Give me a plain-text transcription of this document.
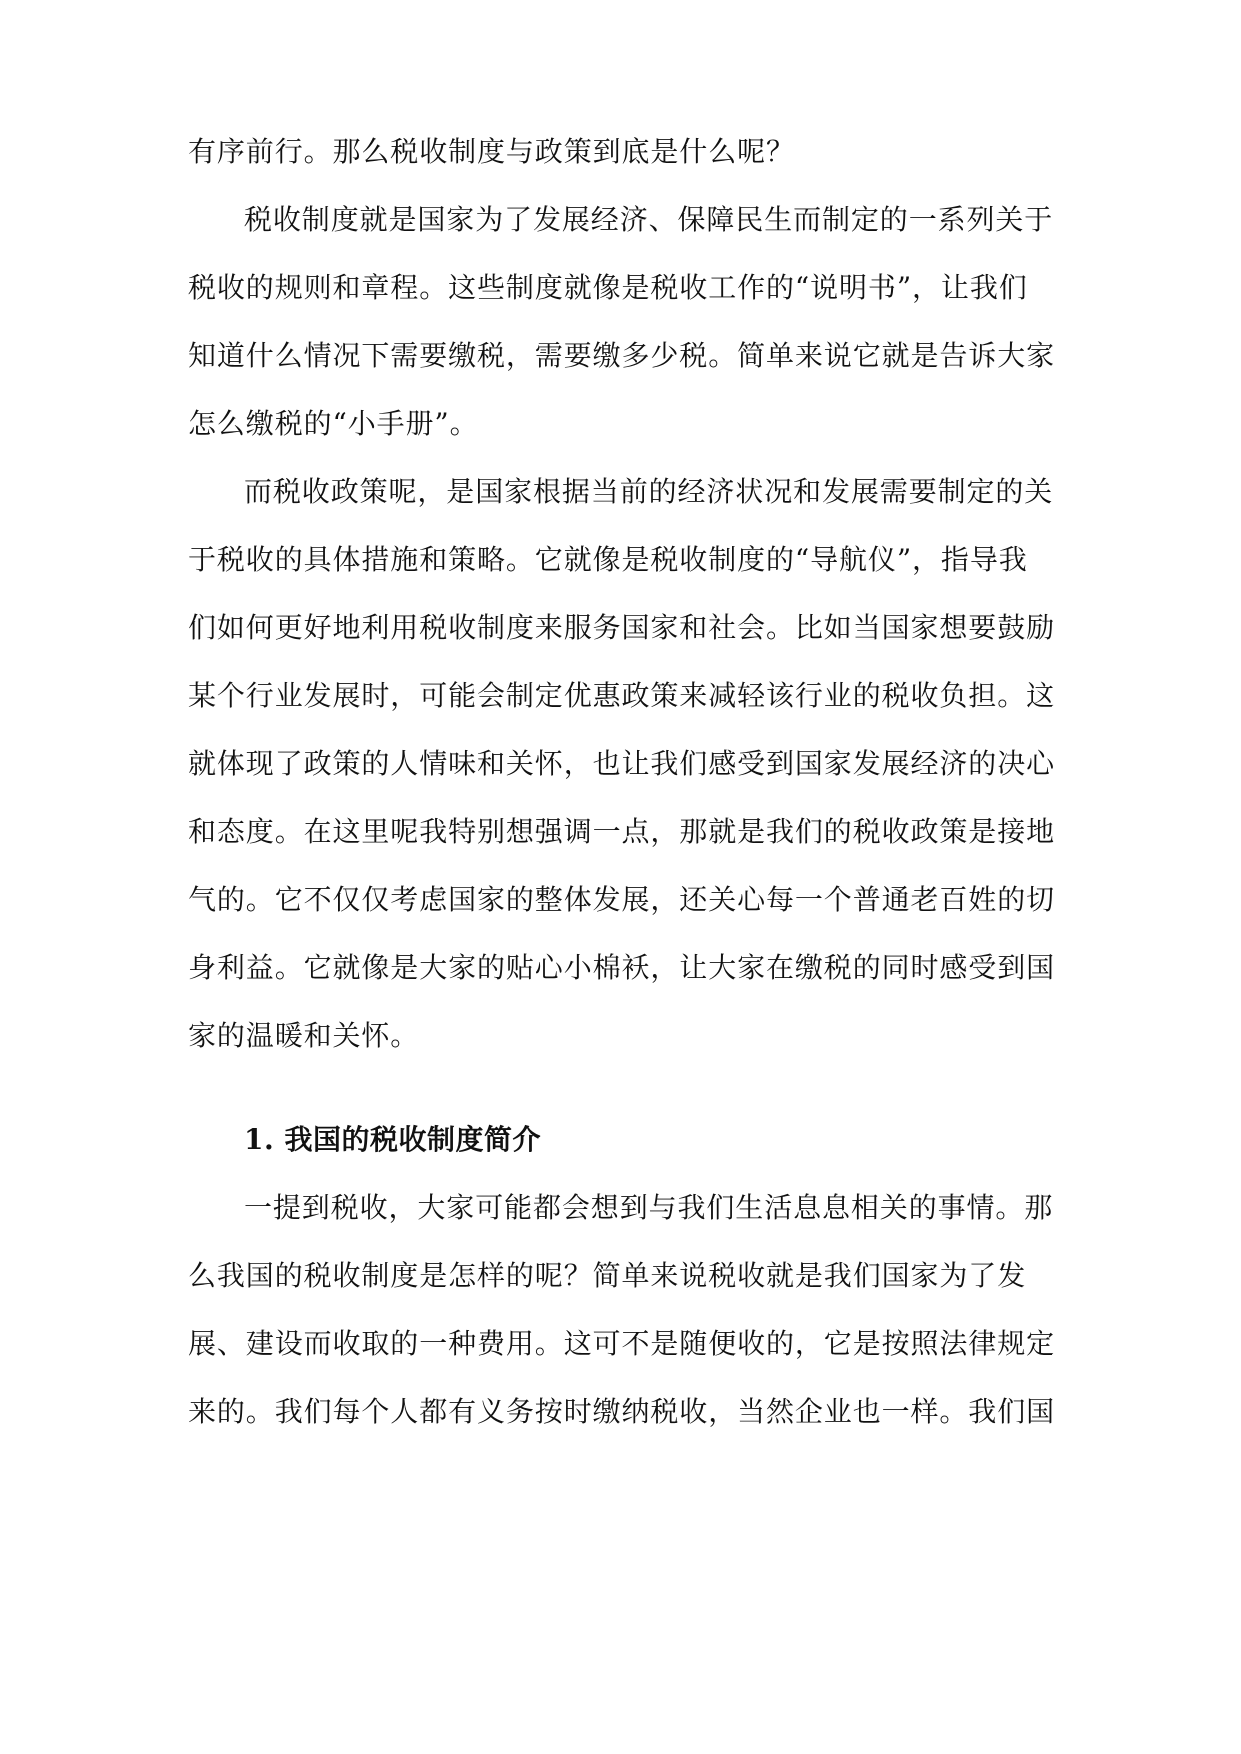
有序前行。那么税收制度与政策到底是什么呢？
税收制度就是国家为了发展经济、保障民生而制定的一系列关于
税收的规则和章程。这些制度就像是税收工作的“说明书”，让我们
知道什么情况下需要缴税，需要缴多少税。简单来说它就是告诉大家
怎么缴税的“小手册”。
而税收政策呢，是国家根据当前的经济状况和发展需要制定的关
于税收的具体措施和策略。它就像是税收制度的“导航仪”，指导我
们如何更好地利用税收制度来服务国家和社会。比如当国家想要鼓励
某个行业发展时，可能会制定优惠政策来减轻该行业的税收负担。这
就体现了政策的人情味和关怀，也让我们感受到国家发展经济的决心
和态度。在这里呢我特别想强调一点，那就是我们的税收政策是接地
气的。它不仅仅考虑国家的整体发展，还关心每一个普通老百姓的切
身利益。它就像是大家的贴心小棉袄，让大家在缴税的同时感受到国
家的温暖和关怀。
1. 我国的税收制度简介
一提到税收，大家可能都会想到与我们生活息息相关的事情。那
么我国的税收制度是怎样的呢？简单来说税收就是我们国家为了发
展、建设而收取的一种费用。这可不是随便收的，它是按照法律规定
来的。我们每个人都有义务按时缴纳税收，当然企业也一样。我们国
